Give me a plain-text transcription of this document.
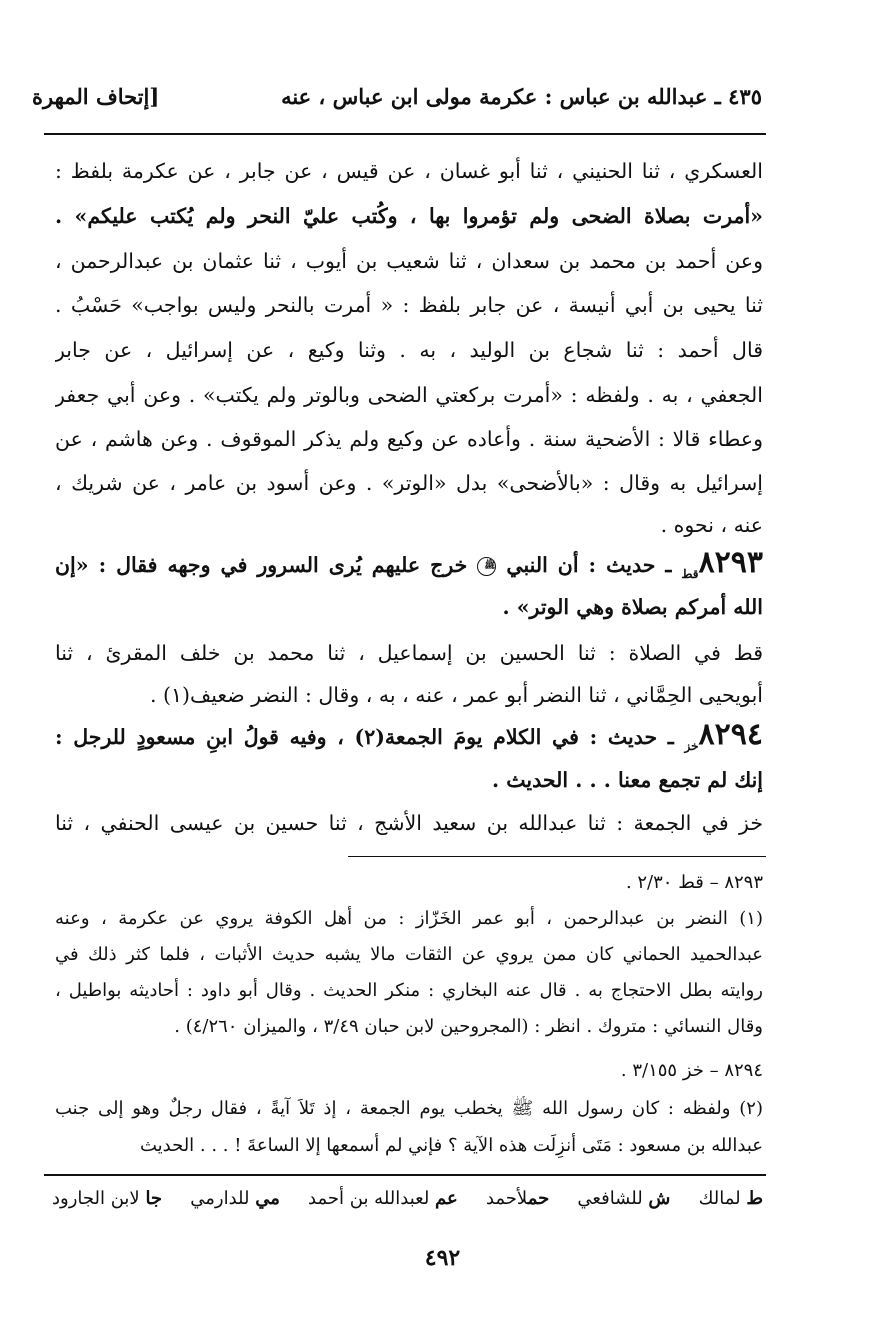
٤٣٥ ـ عبدالله بن عباس : عكرمة مولى ابن عباس ، عنه
[إتحاف المهرة
العسكري ، ثنا الحنيني ، ثنا أبو غسان ، عن قيس ، عن جابر ، عن عكرمة بلفظ :
«أمرت بصلاة الضحى ولم تؤمروا بها ، وكُتب عليّ النحر ولم يُكتب عليكم» .
وعن أحمد بن محمد بن سعدان ، ثنا شعيب بن أيوب ، ثنا عثمان بن عبدالرحمن ،
ثنا يحيى بن أبي أنيسة ، عن جابر بلفظ : « أمرت بالنحر وليس بواجب» حَسْبُ .
قال أحمد : ثنا شجاع بن الوليد ، به . وثنا وكيع ، عن إسرائيل ، عن جابر
الجعفي ، به . ولفظه : «أمرت بركعتي الضحى وبالوتر ولم يكتب» . وعن أبي جعفر
وعطاء قالا : الأضحية سنة . وأعاده عن وكيع ولم يذكر الموقوف . وعن هاشم ، عن
إسرائيل به وقال : «بالأضحى» بدل «الوتر» . وعن أسود بن عامر ، عن شريك ،
عنه ، نحوه .
$٨٢٩٣_{قط}$ ـ حديث : أن النبي ﷺ خرج عليهم يُرى السرور في وجهه فقال : «إن
الله أمركم بصلاة وهي الوتر» .
قط في الصلاة : ثنا الحسين بن إسماعيل ، ثنا محمد بن خلف المقرئ ، ثنا
أبويحيى الحِمَّاني ، ثنا النضر أبو عمر ، عنه ، به ، وقال : النضر ضعيف(١) .
$٨٢٩٤_{خز}$ ـ حديث : في الكلام يومَ الجمعة(٢) ، وفيه قولُ ابنِ مسعودٍ للرجل :
إنك لم تجمع معنا . . . الحديث .
خز في الجمعة : ثنا عبدالله بن سعيد الأشج ، ثنا حسين بن عيسى الحنفي ، ثنا
٨٢٩٣ – قط ٢/٣٠ .
(١) النضر بن عبدالرحمن ، أبو عمر الخَزّاز : من أهل الكوفة يروي عن عكرمة ، وعنه
عبدالحميد الحماني كان ممن يروي عن الثقات مالا يشبه حديث الأثبات ، فلما كثر ذلك في
روايته بطل الاحتجاج به . قال عنه البخاري : منكر الحديث . وقال أبو داود : أحاديثه بواطيل ،
وقال النسائي : متروك . انظر : (المجروحين لابن حبان ٣/٤٩ ، والميزان ٤/٢٦٠) .
٨٢٩٤ – خز ٣/١٥٥ .
(٢) ولفظه : كان رسول الله ﷺ يخطب يوم الجمعة ، إذ تَلاَ آيةً ، فقال رجلٌ وهو إلى جنب
عبدالله بن مسعود : مَتَى أُنزِلَت هذه الآية ؟ فإني لم أسمعها إلا الساعةَ ! . . . الحديث
ط لمالك
ش للشافعي
حملأحمد
عم لعبدالله بن أحمد
مي للدارمي
جا لابن الجارود
٤٩٢
